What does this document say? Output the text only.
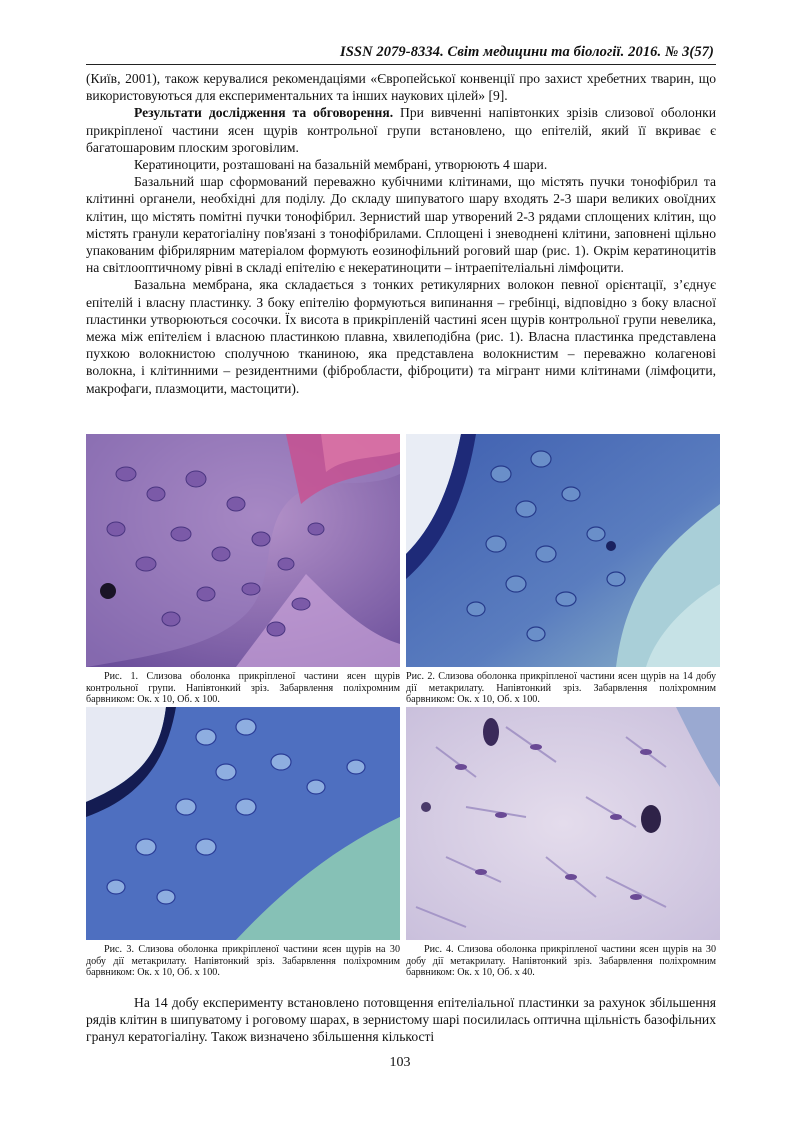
ISSN 2079-8334. Світ медицини та біології. 2016. № 3(57)

(Київ, 2001), також керувалися рекомендаціями «Європейської конвенції про захист хребетних тварин, що використовуються для експериментальних та інших наукових цілей» [9].

Результати дослідження та обговорення. При вивченні напівтонких зрізів слизової оболонки прикріпленої частини ясен щурів контрольної групи встановлено, що епітелій, який її вкриває є багатошаровим плоским зроговілим.

Кератиноцити, розташовані на базальній мембрані, утворюють 4 шари.

Базальний шар сформований переважно кубічними клітинами, що містять пучки тонофібрил та клітинні органели, необхідні для поділу. До складу шипуватого шару входять 2-3 шари великих овоїдних клітин, що містять помітні пучки тонофібрил. Зернистий шар утворений 2-3 рядами сплощених клітин, що містять гранули кератогіаліну пов'язані з тонофібрилами. Сплощені і зневоднені клітини, заповнені щільно упакованим фібрилярним матеріалом формують еозинофільний роговий шар (рис. 1). Окрім кератиноцитів на світлооптичному рівні в складі епітелію є некератиноцити – інтраепітеліальні лімфоцити.

Базальна мембрана, яка складається з тонких ретикулярних волокон певної орієнтації, з’єднує епітелій і власну пластинку. З боку епітелію формуються випинання – гребінці, відповідно з боку власної пластинки утворюються сосочки. Їх висота в прикріпленій частині ясен щурів контрольної групи невелика, межа між епітелієм і власною пластинкою плавна, хвилеподібна (рис. 1). Власна пластинка представлена пухкою волокнистою сполучною тканиною, яка представлена волокнистим – переважно колагенові волокна, і клітинними – резидентними (фібробласти, фіброцити) та мігрант ними клітинами (лімфоцити, макрофаги, плазмоцити, мастоцити).

Рис. 1. Слизова оболонка прикріпленої частини ясен щурів контрольної групи. Напівтонкий зріз. Забарвлення поліхромним барвником: Ок. х 10, Об. х 100.
Рис. 2. Слизова оболонка прикріпленої частини ясен щурів на 14 добу дії метакрилату. Напівтонкий зріз. Забарвлення поліхромним барвником: Ок. х 10, Об. х 100.
Рис. 3. Слизова оболонка прикріпленої частини ясен щурів на 30 добу дії метакрилату. Напівтонкий зріз. Забарвлення поліхромним барвником: Ок. х 10, Об. х 100.
Рис. 4. Слизова оболонка прикріпленої частини ясен щурів на 30 добу дії метакрилату. Напівтонкий зріз. Забарвлення поліхромним барвником: Ок. х 10, Об. х 40.

На 14 добу експерименту встановлено потовщення епітеліальної пластинки за рахунок збільшення рядів клітин в шипуватому і роговому шарах, в зернистому шарі посилилась оптична щільність базофільних гранул кератогіаліну. Також визначено збільшення кількості

103
